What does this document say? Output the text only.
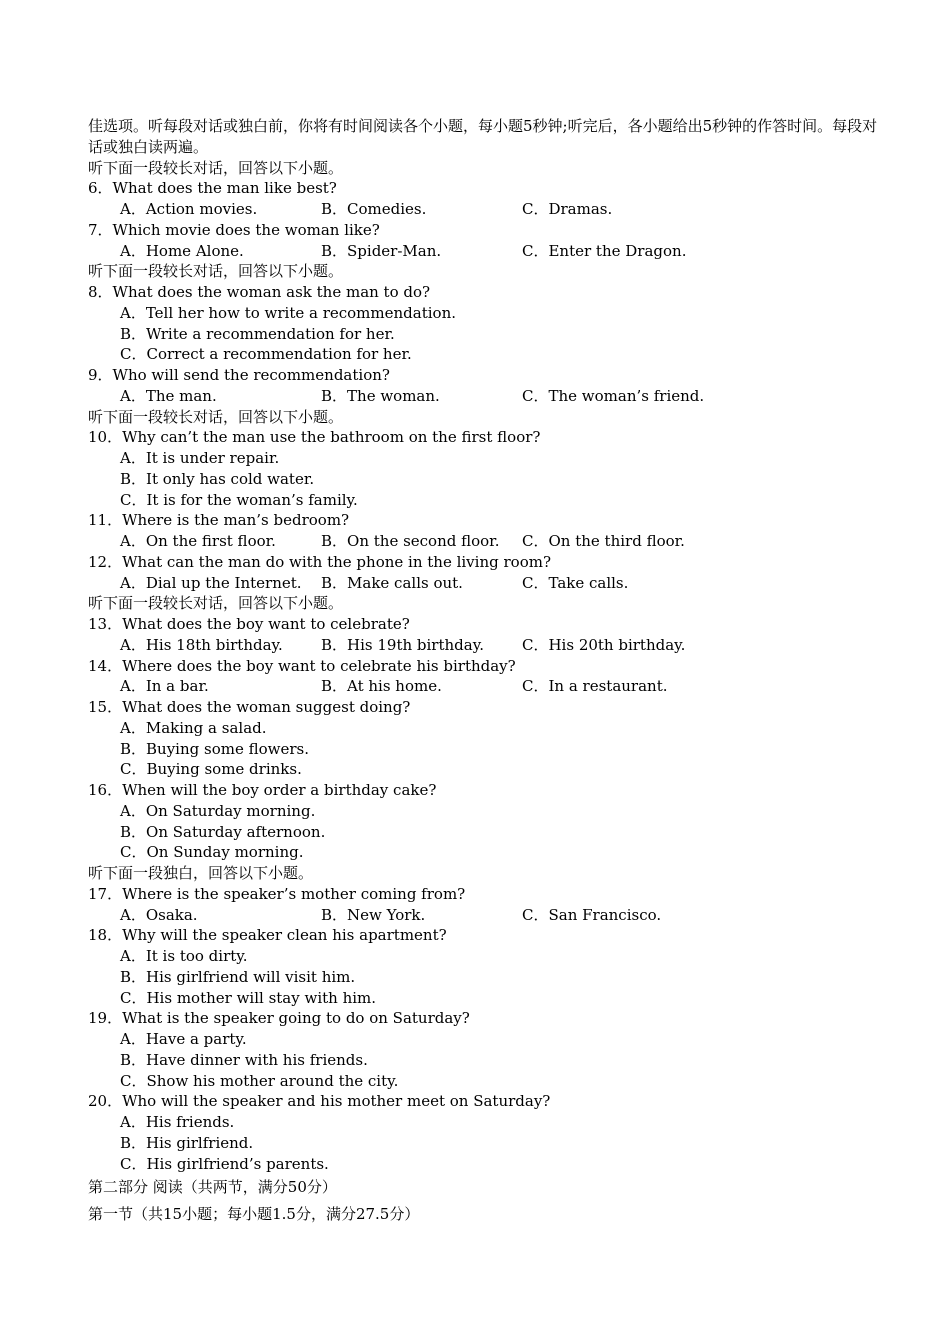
佳选项。听每段对话或独白前，你将有时间阅读各个小题，每小题5秒钟;听完后，各小题给出5秒钟的作答时间。每段对话或独白读两遍。
听下面一段较长对话，回答以下小题。
6．What does the man like best?
A．Action movies.	B．Comedies.	C．Dramas.
7．Which movie does the woman like?
A．Home Alone.	B．Spider-Man.	C．Enter the Dragon.
听下面一段较长对话，回答以下小题。
8．What does the woman ask the man to do?
A．Tell her how to write a recommendation.
B．Write a recommendation for her.
C．Correct a recommendation for her.
9．Who will send the recommendation?
A．The man.	B．The woman.	C．The woman’s friend.
听下面一段较长对话，回答以下小题。
10．Why can’t the man use the bathroom on the first floor?
A．It is under repair.
B．It only has cold water.
C．It is for the woman’s family.
11．Where is the man’s bedroom?
A．On the first floor.	B．On the second floor. C．On the third floor.
12．What can the man do with the phone in the living room?
A．Dial up the Internet. B．Make calls out.	C．Take calls.
听下面一段较长对话，回答以下小题。
13．What does the boy want to celebrate?
A．His 18th birthday.	B．His 19th birthday.	C．His 20th birthday.
14．Where does the boy want to celebrate his birthday?
A．In a bar.	B．At his home.	C．In a restaurant.
15．What does the woman suggest doing?
A．Making a salad.
B．Buying some flowers.
C．Buying some drinks.
16．When will the boy order a birthday cake?
A．On Saturday morning.
B．On Saturday afternoon.
C．On Sunday morning.
听下面一段独白，回答以下小题。
17．Where is the speaker’s mother coming from?
A．Osaka.	B．New York.	C．San Francisco.
18．Why will the speaker clean his apartment?
A．It is too dirty.
B．His girlfriend will visit him.
C．His mother will stay with him.
19．What is the speaker going to do on Saturday?
A．Have a party.
B．Have dinner with his friends.
C．Show his mother around the city.
20．Who will the speaker and his mother meet on Saturday?
A．His friends.
B．His girlfriend.
C．His girlfriend’s parents.
第二部分 阅读（共两节，满分50分）
第一节（共15小题；每小题1.5分，满分27.5分）
